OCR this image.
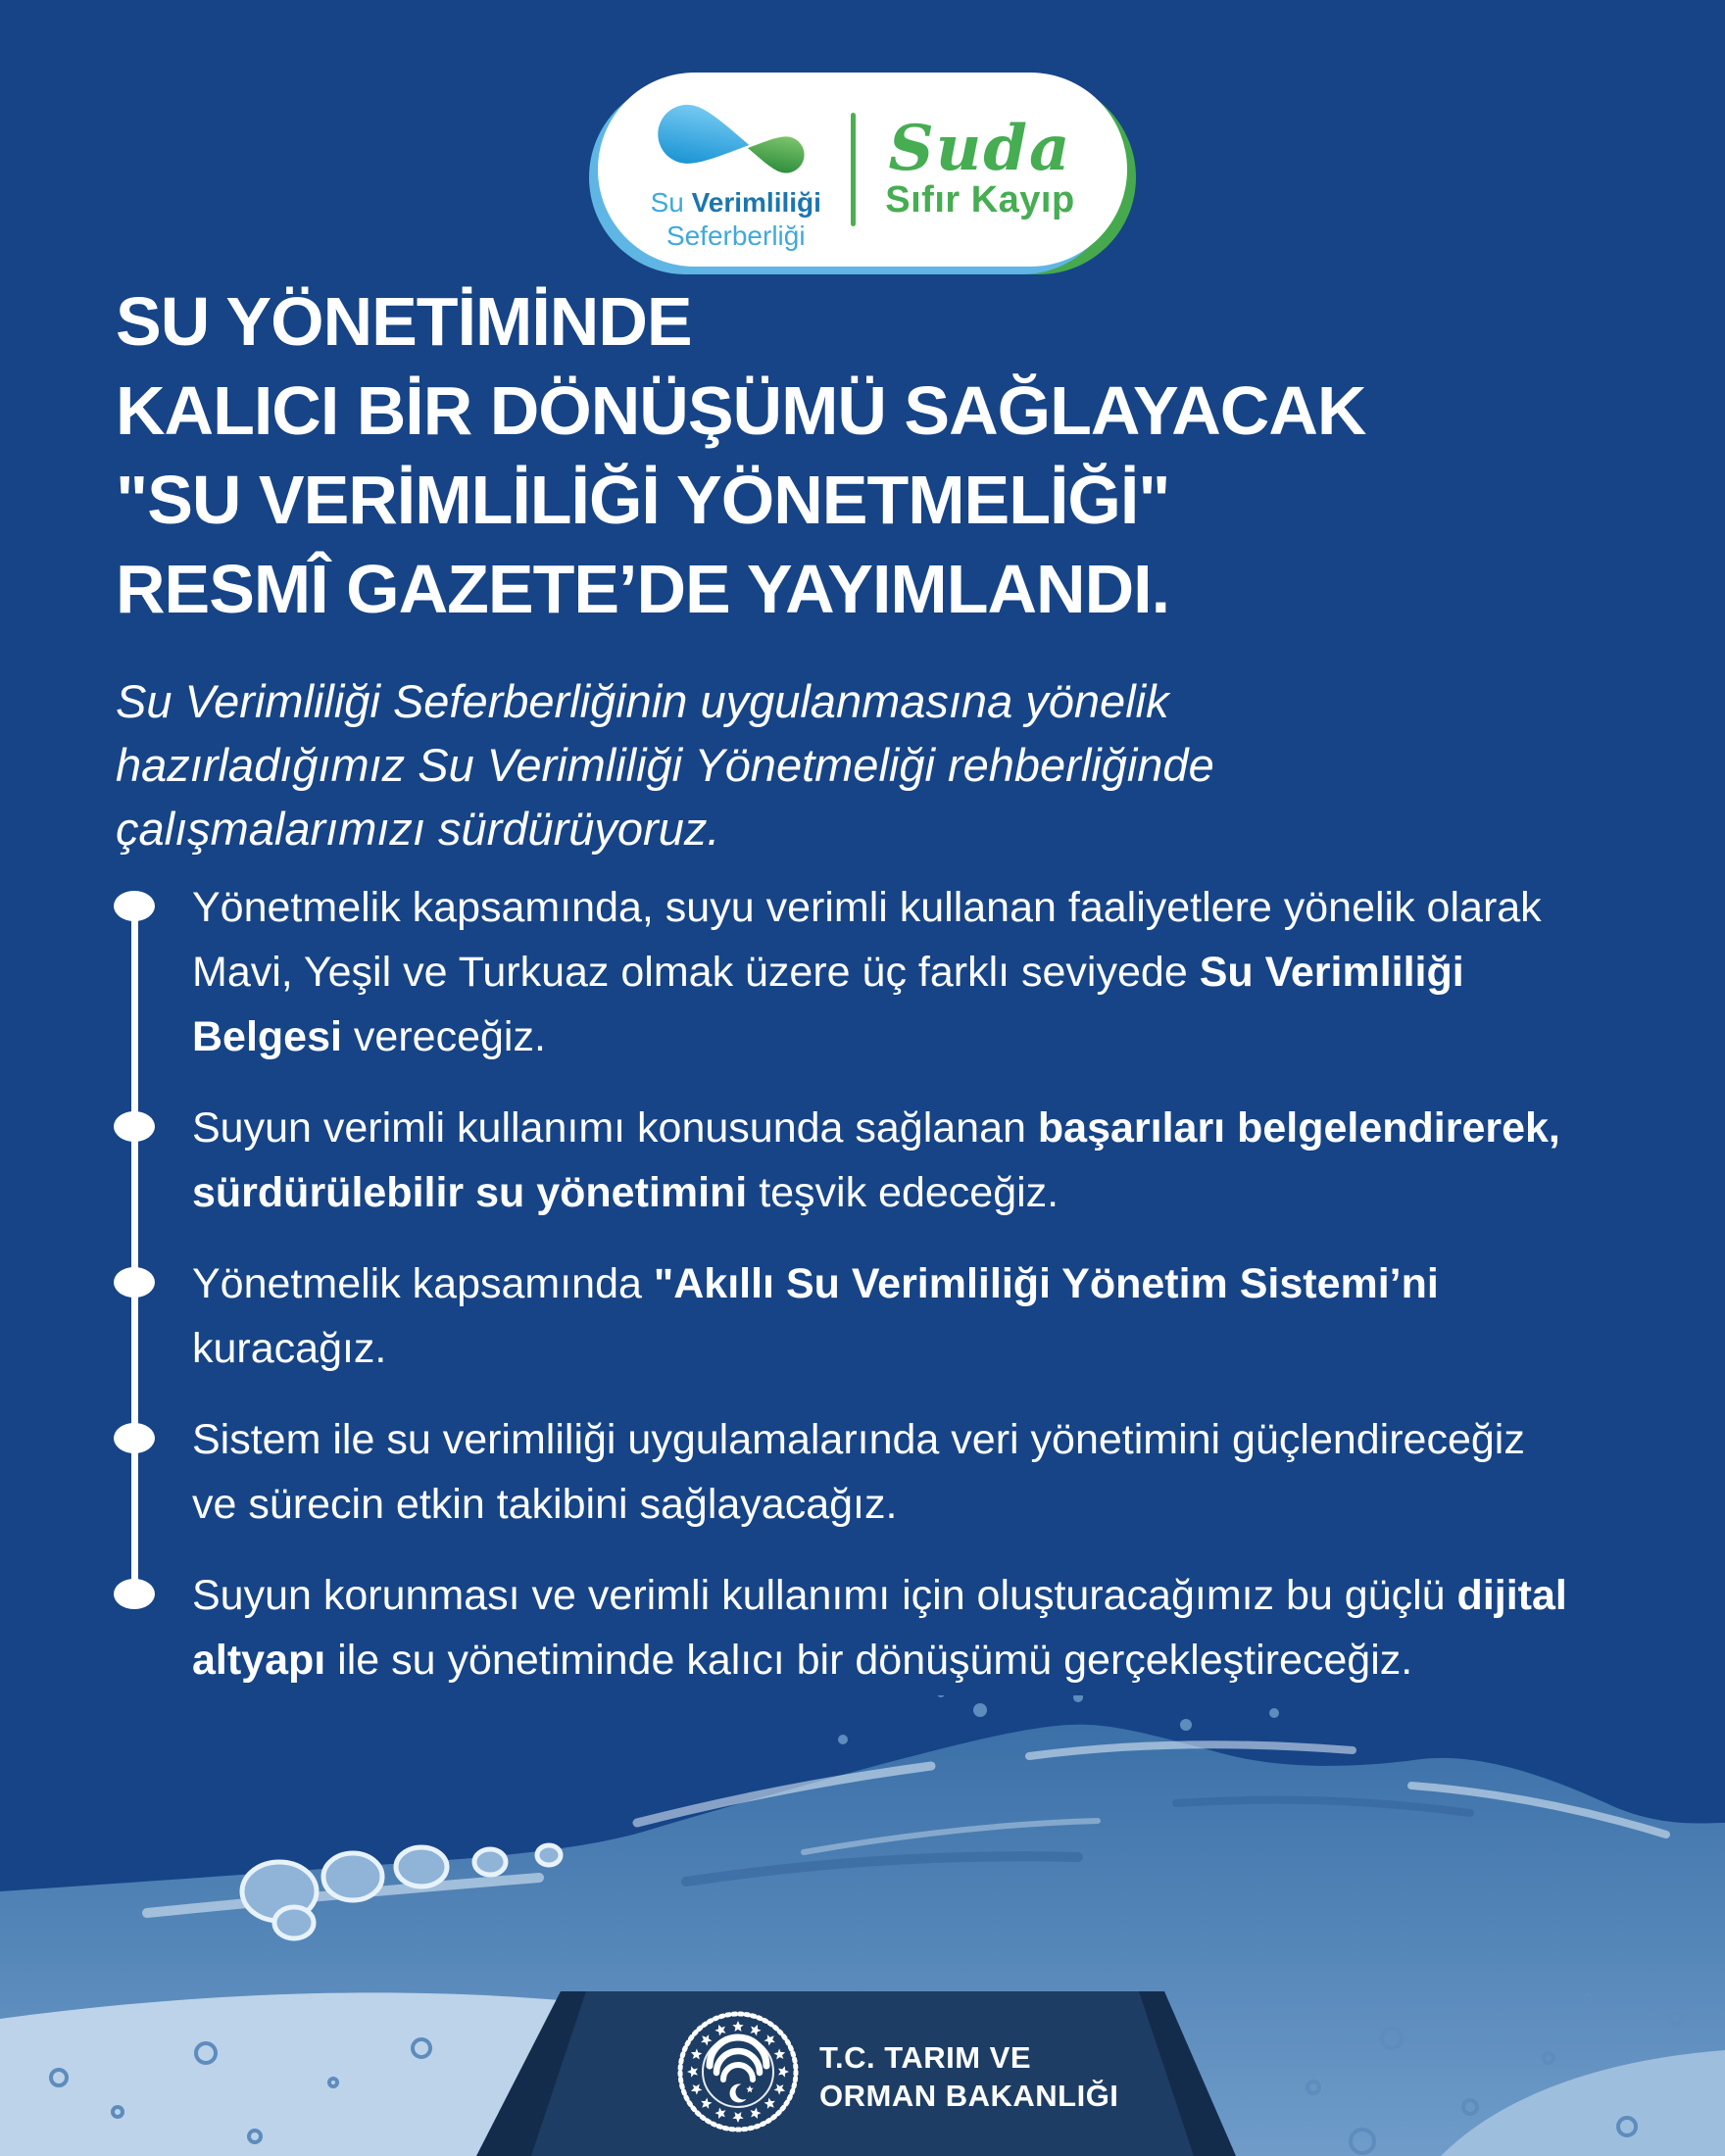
Su Verimliliği
Seferberliği
Suda
Sıfır Kayıp
SU YÖNETİMİNDE
KALICI BİR DÖNÜŞÜMÜ SAĞLAYACAK
"SU VERİMLİLİĞİ YÖNETMELİĞİ"
RESMÎ GAZETE’DE YAYIMLANDI.
Su Verimliliği Seferberliğinin uygulanmasına yönelik hazırladığımız Su Verimliliği Yönetmeliği rehberliğinde çalışmalarımızı sürdürüyoruz.
Yönetmelik kapsamında, suyu verimli kullanan faaliyetlere yönelik olarak Mavi, Yeşil ve Turkuaz olmak üzere üç farklı seviyede Su Verimliliği Belgesi vereceğiz.
Suyun verimli kullanımı konusunda sağlanan başarıları belgelendirerek, sürdürülebilir su yönetimini teşvik edeceğiz.
Yönetmelik kapsamında "Akıllı Su Verimliliği Yönetim Sistemi’ni kuracağız.
Sistem ile su verimliliği uygulamalarında veri yönetimini güçlendireceğiz ve sürecin etkin takibini sağlayacağız.
Suyun korunması ve verimli kullanımı için oluşturacağımız bu güçlü dijital altyapı ile su yönetiminde kalıcı bir dönüşümü gerçekleştireceğiz.
T.C. TARIM VE
ORMAN BAKANLIĞI
